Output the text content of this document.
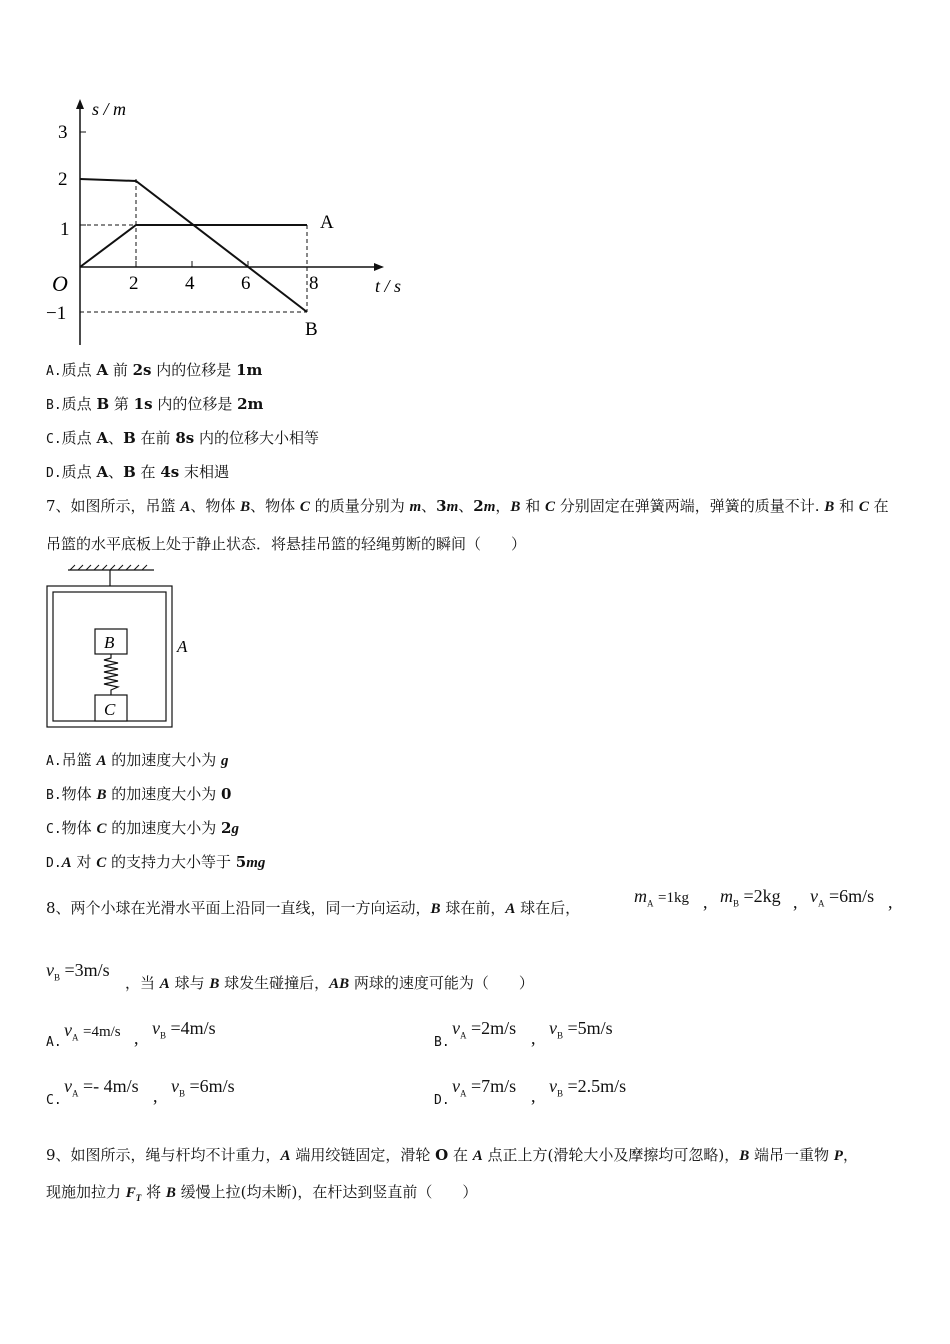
s / m
t / s
O
3
2
1
−1
2 4 6	8
A
B
A.质点 A 前 2s 内的位移是 1m
B.质点 B 第 1s 内的位移是 2m
C.质点 A、B 在前 8s 内的位移大小相等
D.质点 A、B 在 4s 末相遇
7、如图所示，吊篮 A、物体 B、物体 C 的质量分别为 m、3m、2m，B 和 C 分别固定在弹簧两端，弹簧的质量不计. B 和 C 在
吊篮的水平底板上处于静止状态．将悬挂吊篮的轻绳剪断的瞬间（　　）
B
C
A
A.吊篮 A 的加速度大小为 g
B.物体 B 的加速度大小为 0
C.物体 C 的加速度大小为 2g
D.A 对 C 的支持力大小等于 5mg
8、两个小球在光滑水平面上沿同一直线，同一方向运动，B 球在前，A 球在后，
$m_A =1kg$ , $m_B =2kg$ , $v_A =6m/s$ ,
$v_B =3m/s$
，当 A 球与 B 球发生碰撞后，AB 两球的速度可能为（　　）
A.
$v_A =4m/s$ , $v_B =4m/s$
B.
$v_A =2m/s$ , $v_B =5m/s$
C.
$v_A =- 4m/s$ , $v_B =6m/s$
D.
$v_A =7m/s$ , $v_B =2.5m/s$
9、如图所示，绳与杆均不计重力，A 端用绞链固定，滑轮 O 在 A 点正上方(滑轮大小及摩擦均可忽略)，B 端吊一重物 P，
现施加拉力 $F_T$ 将 B 缓慢上拉(均未断)，在杆达到竖直前（　　）
